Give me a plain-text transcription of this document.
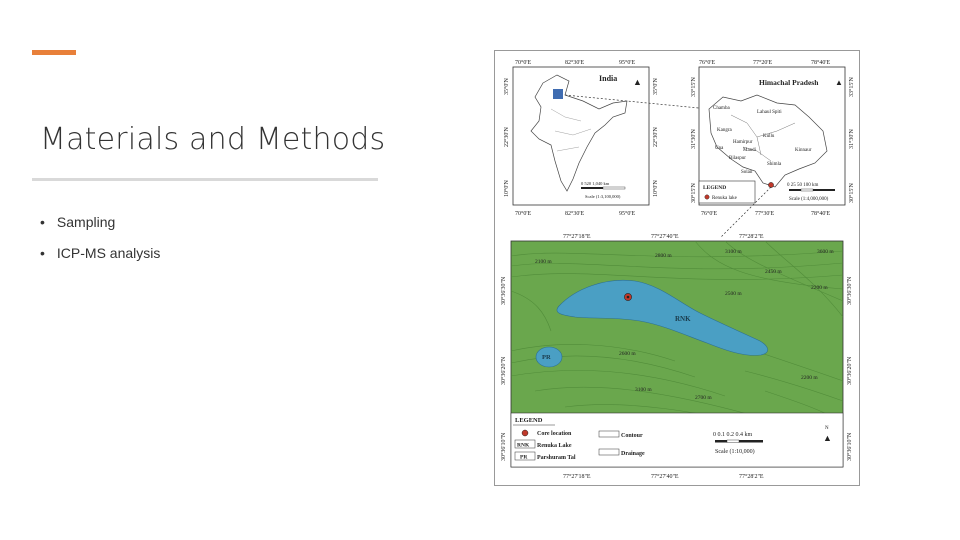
Materials and Methods
• Sampling
• ICP-MS analysis
70°0'E	82°30'E	95°0'E
70°0'E	82°30'E	95°0'E
35°0'N
22°30'N
10°0'N
35°0'N
22°30'N
10°0'N
India ▲
0 520 1,040 km
Scale (1:3,100,000)
76°0'E	77°20'E	78°40'E
76°0'E	77°30'E	78°40'E
33°15'N
31°30'N
30°15'N
33°15'N
31°30'N
30°15'N
Himachal Pradesh ▲
Chamba
Lahaul Spiti
Kangra
Kullu
Hamirpur
Una	Mandi
Bilaspur
Kinnaur
Shimla
Solan
LEGEND
Renuka lake
0 25 50 100 km
Scale (1:4,000,000)
77°27'18"E	77°27'40"E	77°28'2"E
77°27'18"E	77°27'40"E	77°28'2"E
30°36'30"N
30°36'20"N
30°36'10"N
30°36'30"N
30°36'20"N
30°36'10"N
RNK
PR
2100 m
2800 m
3100 m	3600 m
2450 m
2200 m
2500 m
2600 m
3100 m
2700 m
2200 m
LEGEND
Core location
RNK Renuka Lake
PR Parshuram Tal
Contour
Drainage
0 0.1 0.2 0.4 km
Scale (1:10,000)
N
▲
